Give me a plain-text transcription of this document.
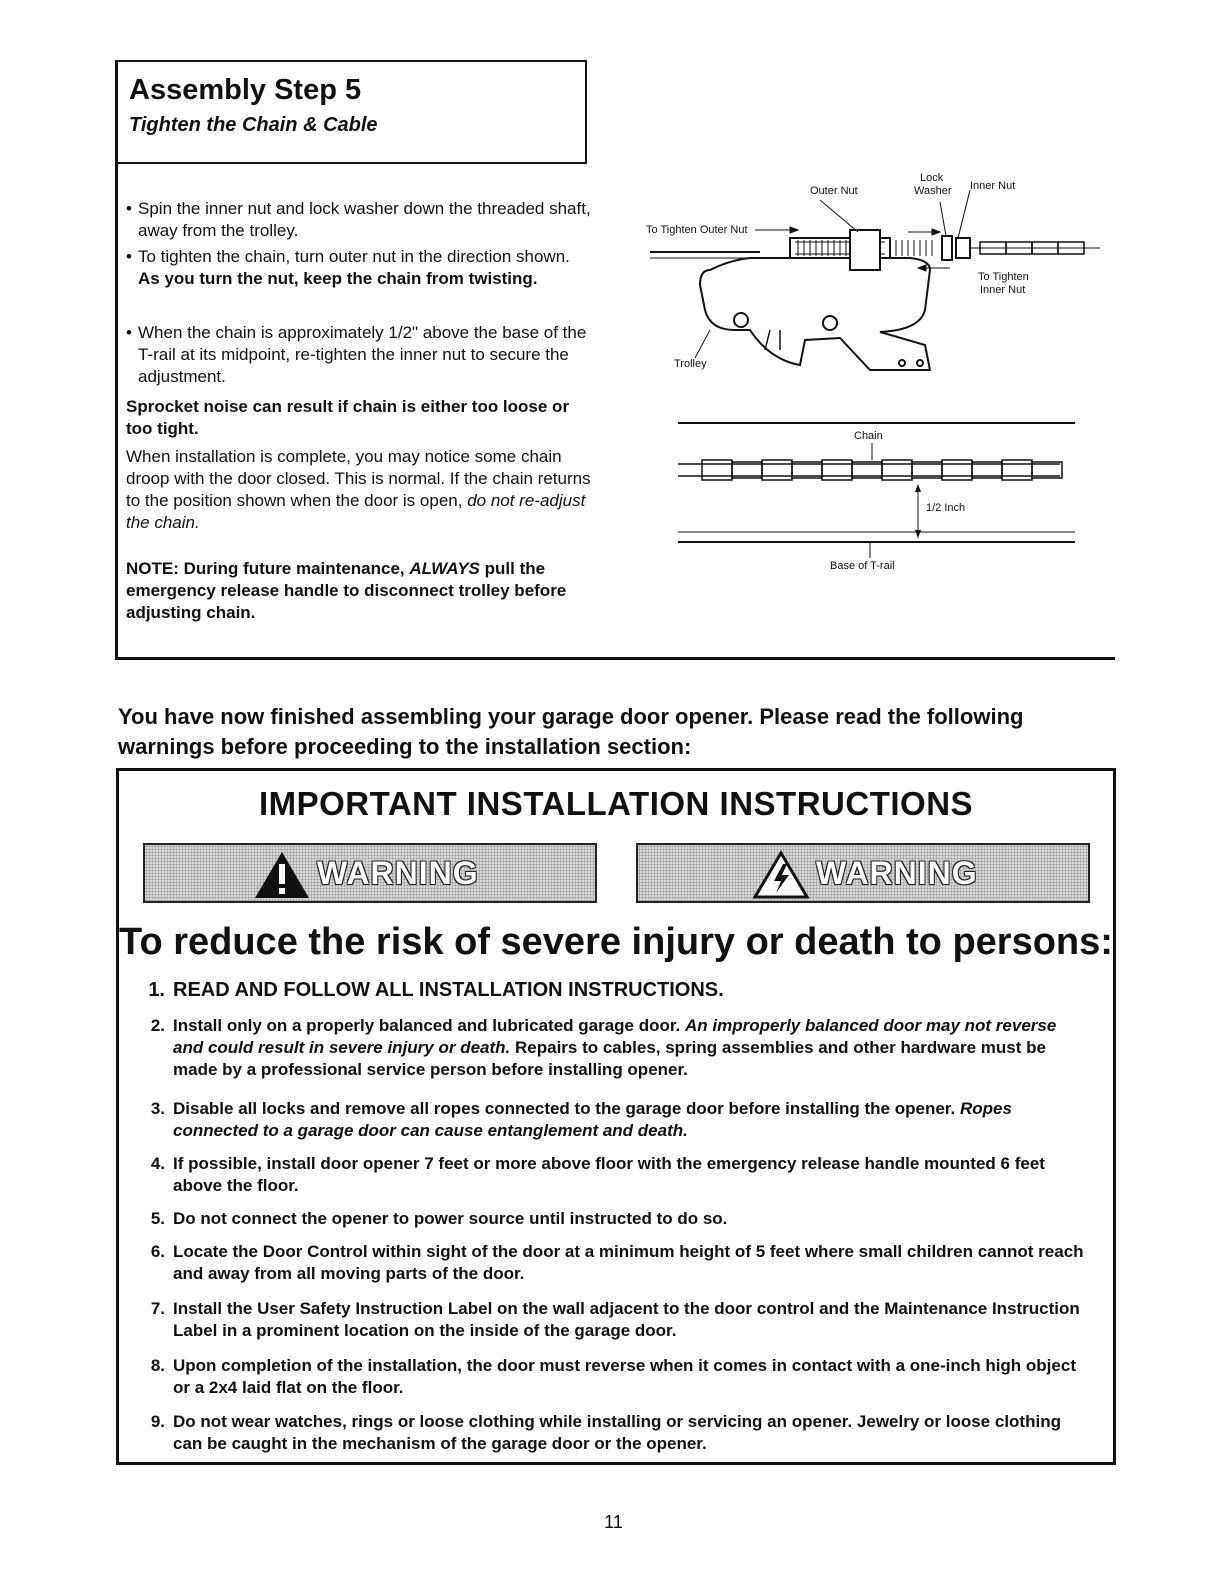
Assembly Step 5
Tighten the Chain & Cable
• Spin the inner nut and lock washer down the threaded shaft, away from the trolley.
• To tighten the chain, turn outer nut in the direction shown. As you turn the nut, keep the chain from twisting.
• When the chain is approximately 1/2" above the base of the T-rail at its midpoint, re-tighten the inner nut to secure the adjustment.
Sprocket noise can result if chain is either too loose or too tight.
When installation is complete, you may notice some chain droop with the door closed. This is normal. If the chain returns to the position shown when the door is open, do not re-adjust the chain.
NOTE: During future maintenance, ALWAYS pull the emergency release handle to disconnect trolley before adjusting chain.
Outer Nut
Lock
Washer Inner Nut
To Tighten Outer Nut
To Tighten
Inner Nut
Trolley
Chain
1/2 Inch
Base of T-rail

You have now finished assembling your garage door opener. Please read the following warnings before proceeding to the installation section:

IMPORTANT INSTALLATION INSTRUCTIONS
WARNING	WARNING
To reduce the risk of severe injury or death to persons:
1. READ AND FOLLOW ALL INSTALLATION INSTRUCTIONS.
2. Install only on a properly balanced and lubricated garage door. An improperly balanced door may not reverse and could result in severe injury or death. Repairs to cables, spring assemblies and other hardware must be made by a professional service person before installing opener.
3. Disable all locks and remove all ropes connected to the garage door before installing the opener. Ropes connected to a garage door can cause entanglement and death.
4. If possible, install door opener 7 feet or more above floor with the emergency release handle mounted 6 feet above the floor.
5. Do not connect the opener to power source until instructed to do so.
6. Locate the Door Control within sight of the door at a minimum height of 5 feet where small children cannot reach and away from all moving parts of the door.
7. Install the User Safety Instruction Label on the wall adjacent to the door control and the Maintenance Instruction Label in a prominent location on the inside of the garage door.
8. Upon completion of the installation, the door must reverse when it comes in contact with a one-inch high object or a 2x4 laid flat on the floor.
9. Do not wear watches, rings or loose clothing while installing or servicing an opener. Jewelry or loose clothing can be caught in the mechanism of the garage door or the opener.
11
